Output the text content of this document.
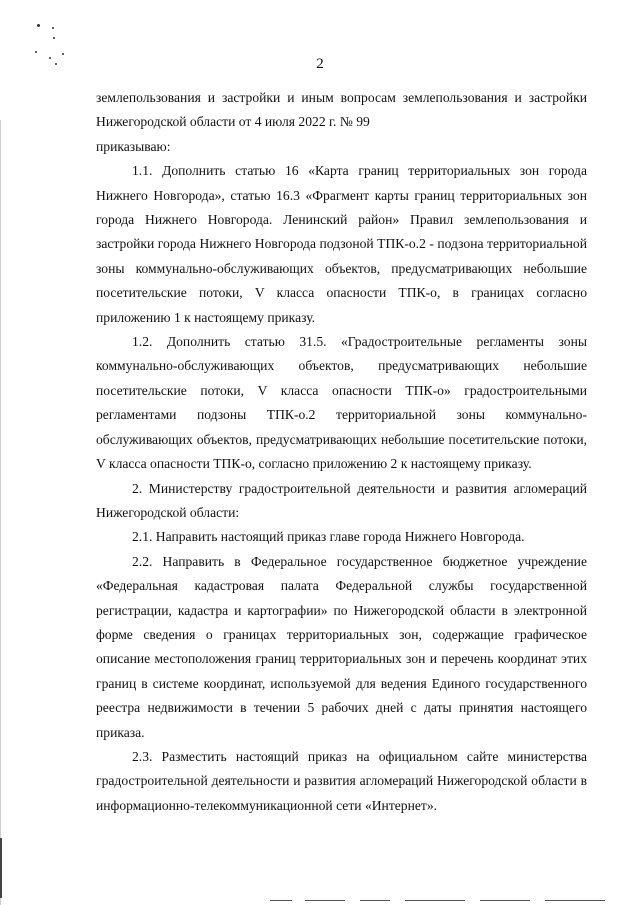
2

землепользования и застройки и иным вопросам землепользования и застройки Нижегородской области от 4 июля 2022 г. № 99

приказываю:

1.1. Дополнить статью 16 «Карта границ территориальных зон города Нижнего Новгорода», статью 16.3 «Фрагмент карты границ территориальных зон города Нижнего Новгорода. Ленинский район» Правил землепользования и застройки города Нижнего Новгорода подзоной ТПК-о.2 - подзона территориальной зоны коммунально-обслуживающих объектов, предусматривающих небольшие посетительские потоки, V класса опасности ТПК-о, в границах согласно приложению 1 к настоящему приказу.

1.2. Дополнить статью 31.5. «Градостроительные регламенты зоны коммунально-обслуживающих объектов, предусматривающих небольшие посетительские потоки, V класса опасности ТПК-о» градостроительными регламентами подзоны ТПК-о.2 территориальной зоны коммунально-обслуживающих объектов, предусматривающих небольшие посетительские потоки, V класса опасности ТПК-о, согласно приложению 2 к настоящему приказу.

2. Министерству градостроительной деятельности и развития агломераций Нижегородской области:

2.1. Направить настоящий приказ главе города Нижнего Новгорода.

2.2. Направить в Федеральное государственное бюджетное учреждение «Федеральная кадастровая палата Федеральной службы государственной регистрации, кадастра и картографии» по Нижегородской области в электронной форме сведения о границах территориальных зон, содержащие графическое описание местоположения границ территориальных зон и перечень координат этих границ в системе координат, используемой для ведения Единого государственного реестра недвижимости в течении 5 рабочих дней с даты принятия настоящего приказа.

2.3. Разместить настоящий приказ на официальном сайте министерства градостроительной деятельности и развития агломераций Нижегородской области в информационно-телекоммуникационной сети «Интернет».
